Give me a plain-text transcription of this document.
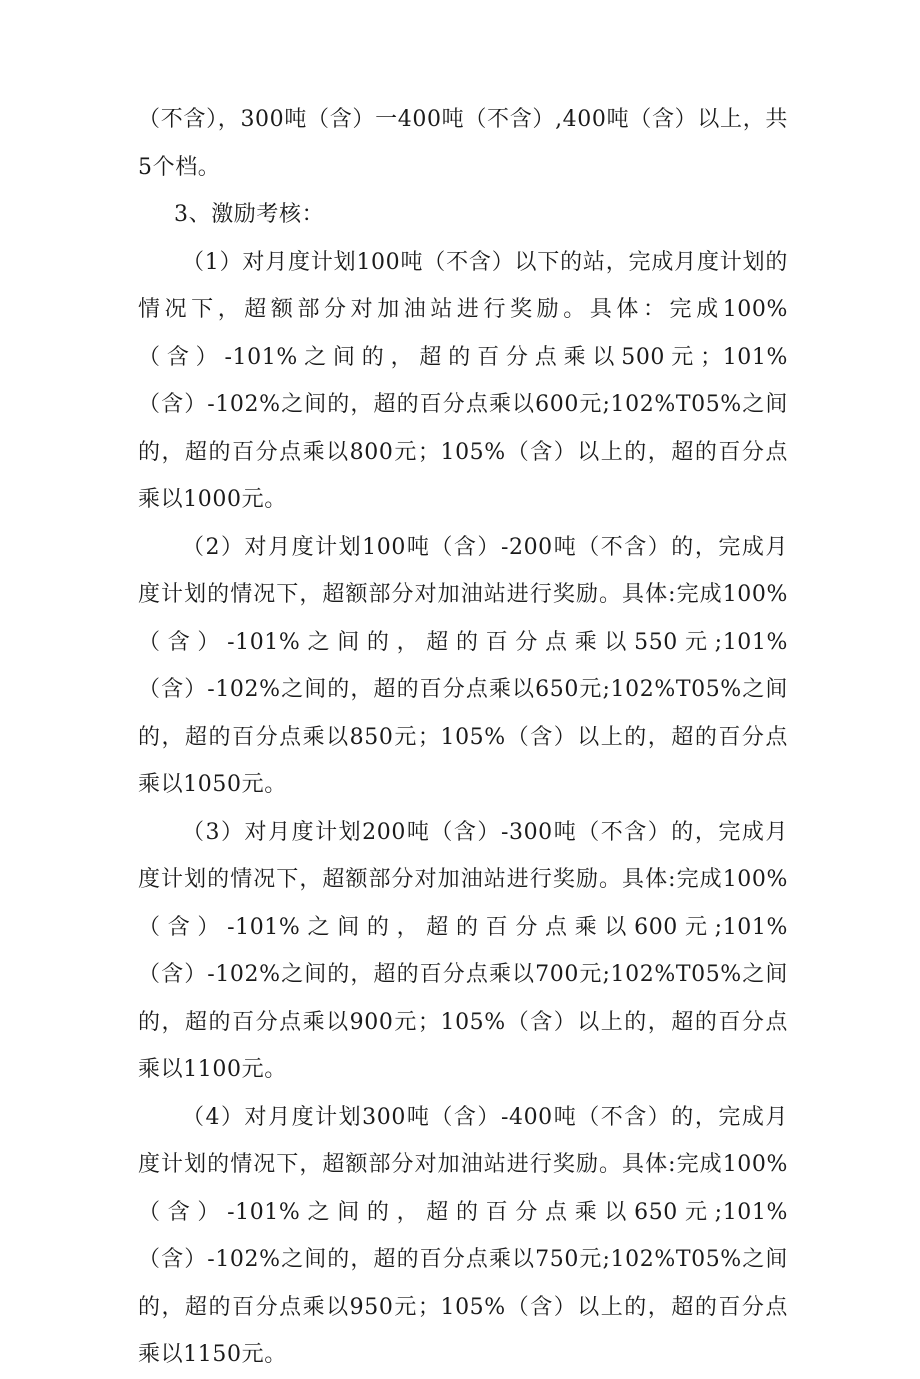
（不含），300吨（含）一400吨（不含）,400吨（含）以上，共5个档。

3、激励考核：

（1）对月度计划100吨（不含）以下的站，完成月度计划的情况下，超额部分对加油站进行奖励。具体：完成100%（含）-101%之间的，超的百分点乘以500元；101%（含）-102%之间的，超的百分点乘以600元;102%T05%之间的，超的百分点乘以800元；105%（含）以上的，超的百分点乘以1000元。

（2）对月度计划100吨（含）-200吨（不含）的，完成月度计划的情况下，超额部分对加油站进行奖励。具体:完成100%（含）-101%之间的，超的百分点乘以550元;101%（含）-102%之间的，超的百分点乘以650元;102%T05%之间的，超的百分点乘以850元；105%（含）以上的，超的百分点乘以1050元。

（3）对月度计划200吨（含）-300吨（不含）的，完成月度计划的情况下，超额部分对加油站进行奖励。具体:完成100%（含）-101%之间的，超的百分点乘以600元;101%（含）-102%之间的，超的百分点乘以700元;102%T05%之间的，超的百分点乘以900元；105%（含）以上的，超的百分点乘以1100元。

（4）对月度计划300吨（含）-400吨（不含）的，完成月度计划的情况下，超额部分对加油站进行奖励。具体:完成100%（含）-101%之间的，超的百分点乘以650元;101%（含）-102%之间的，超的百分点乘以750元;102%T05%之间的，超的百分点乘以950元；105%（含）以上的，超的百分点乘以1150元。
